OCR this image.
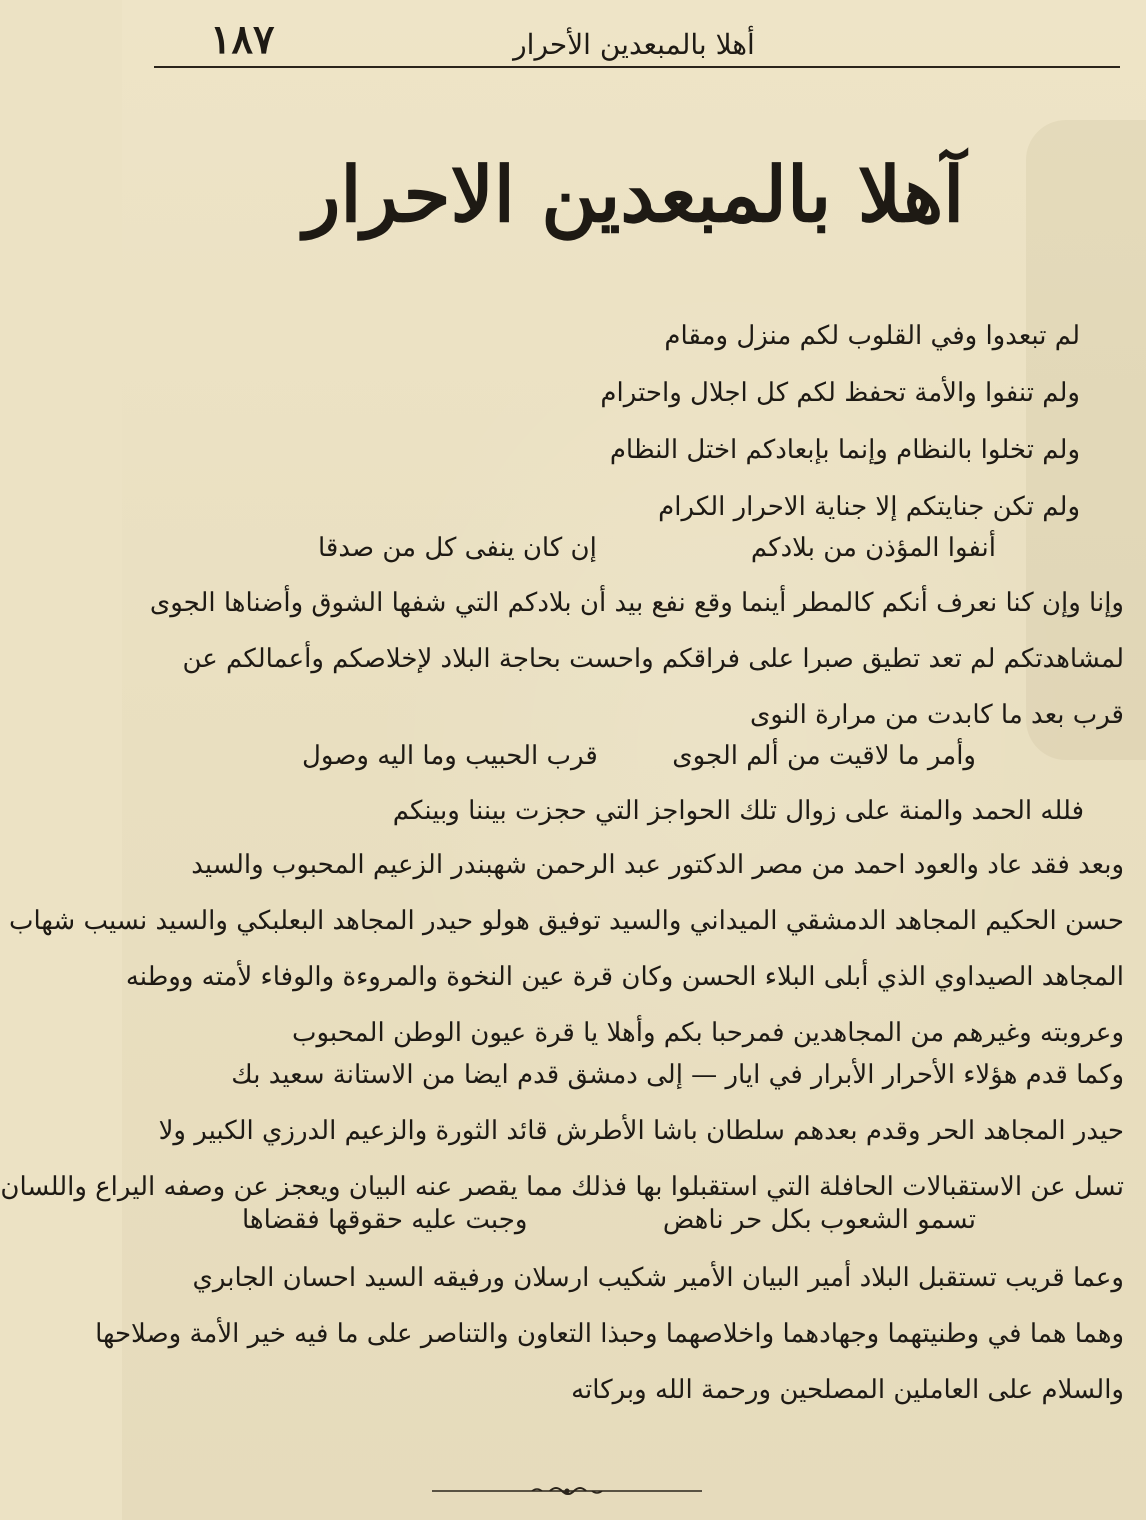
١٨٧	أهلا بالمبعدين الأحرار
آهلا بالمبعدين الاحرار
لم تبعدوا وفي القلوب لكم منزل ومقام
ولم تنفوا والأمة تحفظ لكم كل اجلال واحترام
ولم تخلوا بالنظام وإنما بإبعادكم اختل النظام
ولم تكن جنايتكم إلا جناية الاحرار الكرام
أنفوا المؤذن من بلادكم
إن كان ينفى كل من صدقا
وإنا وإن كنا نعرف أنكم كالمطر أينما وقع نفع بيد أن بلادكم التي شفها الشوق وأضناها الجوى
لمشاهدتكم لم تعد تطيق صبرا على فراقكم واحست بحاجة البلاد لإخلاصكم وأعمالكم عن
قرب بعد ما كابدت من مرارة النوى
وأمر ما لاقيت من ألم الجوى
قرب الحبيب وما اليه وصول
فلله الحمد والمنة على زوال تلك الحواجز التي حجزت بيننا وبينكم
وبعد فقد عاد والعود احمد من مصر الدكتور عبد الرحمن شهبندر الزعيم المحبوب والسيد
حسن الحكيم المجاهد الدمشقي الميداني والسيد توفيق هولو حيدر المجاهد البعلبكي والسيد نسيب شهاب
المجاهد الصيداوي الذي أبلى البلاء الحسن وكان قرة عين النخوة والمروءة والوفاء لأمته ووطنه
وعروبته وغيرهم من المجاهدين فمرحبا بكم وأهلا يا قرة عيون الوطن المحبوب
وكما قدم هؤلاء الأحرار الأبرار في ايار — إلى دمشق قدم ايضا من الاستانة سعيد بك
حيدر المجاهد الحر وقدم بعدهم سلطان باشا الأطرش قائد الثورة والزعيم الدرزي الكبير ولا
تسل عن الاستقبالات الحافلة التي استقبلوا بها فذلك مما يقصر عنه البيان ويعجز عن وصفه اليراع واللسان
تسمو الشعوب بكل حر ناهض
وجبت عليه حقوقها فقضاها
وعما قريب تستقبل البلاد أمير البيان الأمير شكيب ارسلان ورفيقه السيد احسان الجابري
وهما هما في وطنيتهما وجهادهما واخلاصهما وحبذا التعاون والتناصر على ما فيه خير الأمة وصلاحها
والسلام على العاملين المصلحين ورحمة الله وبركاته
